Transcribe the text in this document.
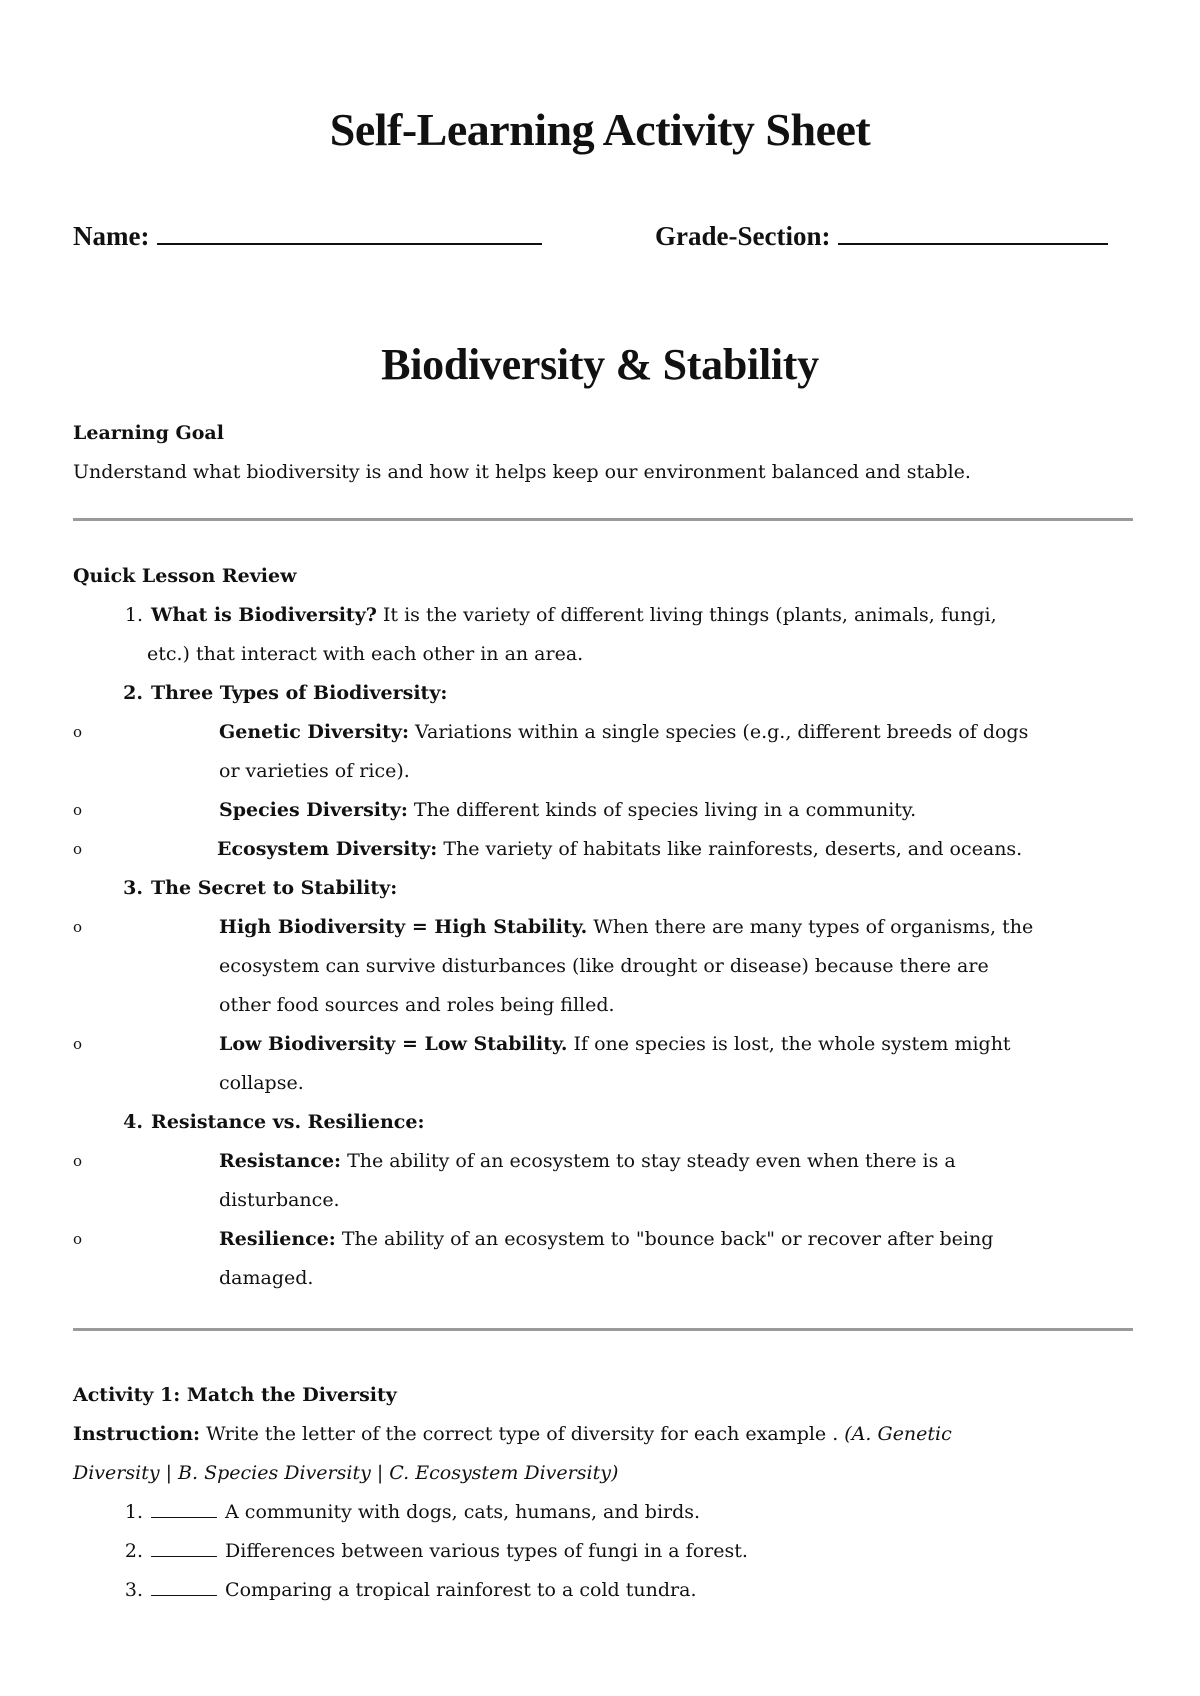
Self-Learning Activity Sheet
Name:	Grade-Section:
Biodiversity & Stability
Learning Goal
Understand what biodiversity is and how it helps keep our environment balanced and stable.
Quick Lesson Review
1. What is Biodiversity? It is the variety of different living things (plants, animals, fungi,
etc.) that interact with each other in an area.
2. Three Types of Biodiversity:
o	Genetic Diversity: Variations within a single species (e.g., different breeds of dogs
or varieties of rice).
o	Species Diversity: The different kinds of species living in a community.
o	Ecosystem Diversity: The variety of habitats like rainforests, deserts, and oceans.
3. The Secret to Stability:
o	High Biodiversity = High Stability. When there are many types of organisms, the
ecosystem can survive disturbances (like drought or disease) because there are
other food sources and roles being filled.
o	Low Biodiversity = Low Stability. If one species is lost, the whole system might
collapse.
4. Resistance vs. Resilience:
o	Resistance: The ability of an ecosystem to stay steady even when there is a
disturbance.
o	Resilience: The ability of an ecosystem to "bounce back" or recover after being
damaged.
Activity 1: Match the Diversity
Instruction: Write the letter of the correct type of diversity for each example . (A. Genetic
Diversity | B. Species Diversity | C. Ecosystem Diversity)
1.	A community with dogs, cats, humans, and birds.
2.	Differences between various types of fungi in a forest.
3.	Comparing a tropical rainforest to a cold tundra.
